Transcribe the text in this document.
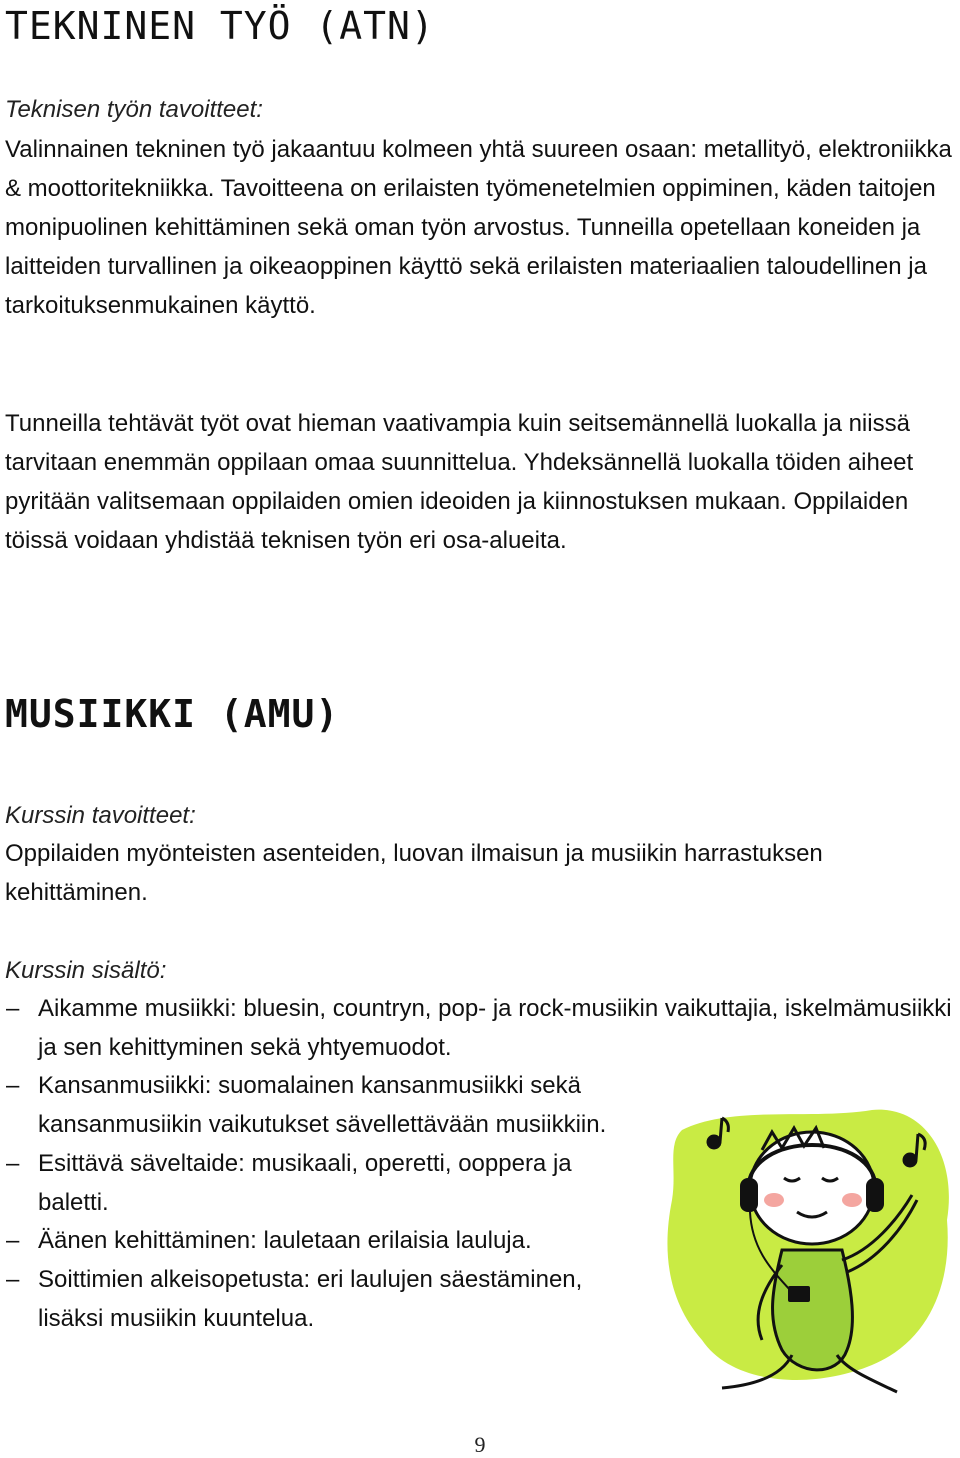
TEKNINEN TYÖ (ATN)

Teknisen työn tavoitteet:

Valinnainen tekninen työ jakaantuu kolmeen yhtä suureen osaan: metallityö, elektroniikka & moottoritekniikka. Tavoitteena on erilaisten työmenetelmien oppiminen, käden taitojen monipuolinen kehittäminen sekä oman työn arvostus. Tunneilla opetellaan koneiden ja laitteiden turvallinen ja oikeaoppinen käyttö sekä erilaisten materiaalien taloudellinen ja tarkoituksenmukainen käyttö.

Tunneilla tehtävät työt ovat hieman vaativampia kuin seitsemännellä luokalla ja niissä tarvitaan enemmän oppilaan omaa suunnittelua. Yhdeksännellä luokalla töiden aiheet pyritään valitsemaan oppilaiden omien ideoiden ja kiinnostuksen mukaan. Oppilaiden töissä voidaan yhdistää teknisen työn eri osa-alueita.

MUSIIKKI (AMU)

Kurssin tavoitteet:

Oppilaiden myönteisten asenteiden, luovan ilmaisun ja musiikin harrastuksen kehittäminen.

Kurssin sisältö:

– Aikamme musiikki: bluesin, countryn, pop- ja rock-musiikin vaikuttajia, iskelmämusiikki ja sen kehittyminen sekä yhtyemuodot.
– Kansanmusiikki: suomalainen kansanmusiikki sekä kansanmusiikin vaikutukset sävellettävään musiikkiin.
– Esittävä säveltaide: musikaali, operetti, ooppera ja baletti.
– Äänen kehittäminen: lauletaan erilaisia lauluja.
– Soittimien alkeisopetusta: eri laulujen säestäminen, lisäksi musiikin kuuntelua.
9
